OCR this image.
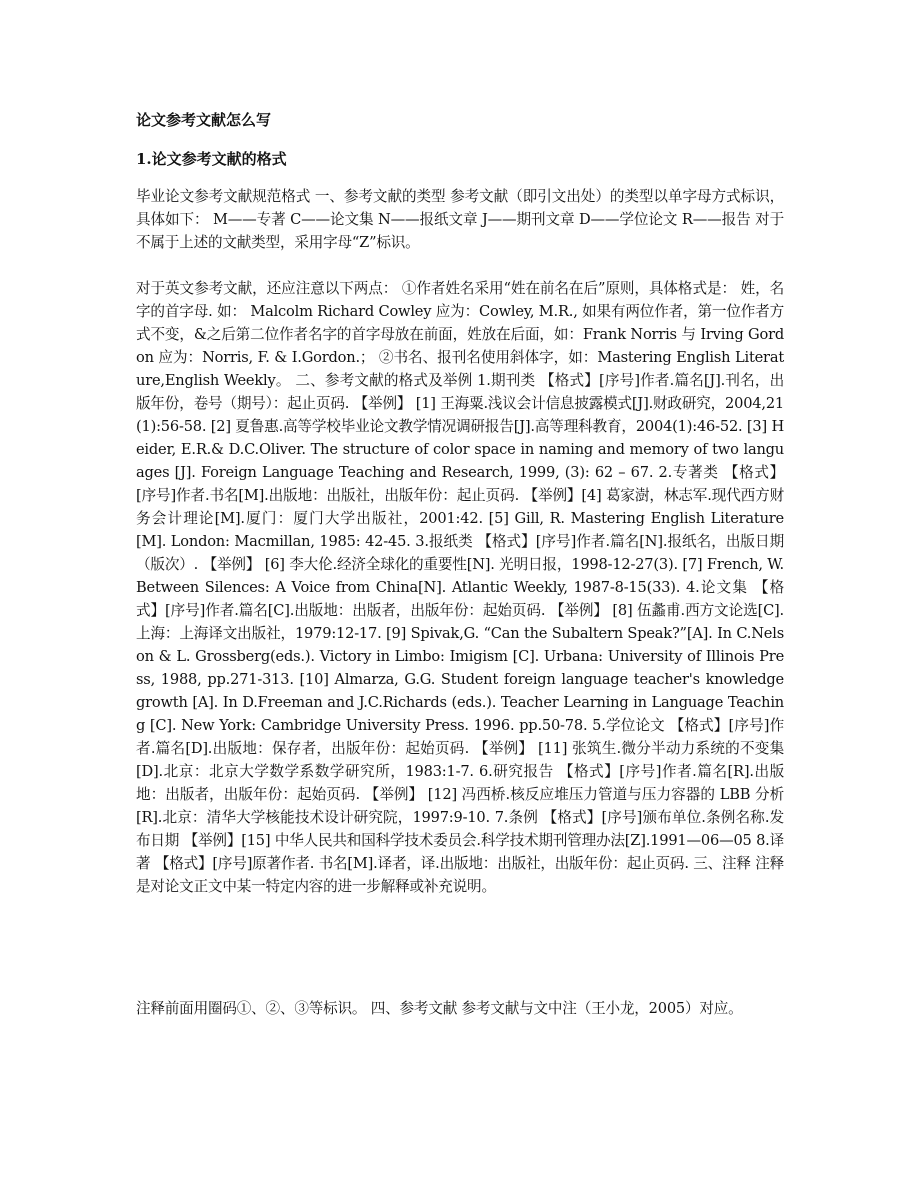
论文参考文献怎么写
1.论文参考文献的格式

毕业论文参考文献规范格式 一、参考文献的类型 参考文献（即引文出处）的类型以单字母方式标识，具体如下： M——专著 C——论文集 N——报纸文章 J——期刊文章 D——学位论文 R——报告 对于不属于上述的文献类型，采用字母“Z”标识。

对于英文参考文献，还应注意以下两点： ①作者姓名采用“姓在前名在后”原则，具体格式是： 姓，名字的首字母. 如： Malcolm Richard Cowley 应为：Cowley, M.R., 如果有两位作者，第一位作者方式不变，&之后第二位作者名字的首字母放在前面，姓放在后面，如：Frank Norris 与 Irving Gordon 应为：Norris, F. & I.Gordon.； ②书名、报刊名使用斜体字，如：Mastering English Literature,English Weekly。 二、参考文献的格式及举例 1.期刊类 【格式】[序号]作者.篇名[J].刊名，出版年份，卷号（期号）：起止页码. 【举例】 [1] 王海粟.浅议会计信息披露模式[J].财政研究，2004,21(1):56-58. [2] 夏鲁惠.高等学校毕业论文教学情况调研报告[J].高等理科教育，2004(1):46-52. [3] Heider, E.R.& D.C.Oliver. The structure of color space in naming and memory of two languages [J]. Foreign Language Teaching and Research, 1999, (3): 62 – 67. 2.专著类 【格式】[序号]作者.书名[M].出版地：出版社，出版年份：起止页码. 【举例】[4] 葛家澍，林志军.现代西方财务会计理论[M].厦门：厦门大学出版社，2001:42. [5] Gill, R. Mastering English Literature [M]. London: Macmillan, 1985: 42-45. 3.报纸类 【格式】[序号]作者.篇名[N].报纸名，出版日期（版次）. 【举例】 [6] 李大伦.经济全球化的重要性[N]. 光明日报，1998-12-27(3). [7] French, W. Between Silences: A Voice from China[N]. Atlantic Weekly, 1987-8-15(33). 4.论文集 【格式】[序号]作者.篇名[C].出版地：出版者，出版年份：起始页码. 【举例】 [8] 伍蠡甫.西方文论选[C]. 上海：上海译文出版社，1979:12-17. [9] Spivak,G. “Can the Subaltern Speak?”[A]. In C.Nelson & L. Grossberg(eds.). Victory in Limbo: Imigism [C]. Urbana: University of Illinois Press, 1988, pp.271-313. [10] Almarza, G.G. Student foreign language teacher's knowledge growth [A]. In D.Freeman and J.C.Richards (eds.). Teacher Learning in Language Teaching [C]. New York: Cambridge University Press. 1996. pp.50-78. 5.学位论文 【格式】[序号]作者.篇名[D].出版地：保存者，出版年份：起始页码. 【举例】 [11] 张筑生.微分半动力系统的不变集[D].北京：北京大学数学系数学研究所，1983:1-7. 6.研究报告 【格式】[序号]作者.篇名[R].出版地：出版者，出版年份：起始页码. 【举例】 [12] 冯西桥.核反应堆压力管道与压力容器的 LBB 分析[R].北京：清华大学核能技术设计研究院，1997:9-10. 7.条例 【格式】[序号]颁布单位.条例名称.发布日期 【举例】[15] 中华人民共和国科学技术委员会.科学技术期刊管理办法[Z].1991—06—05 8.译著 【格式】[序号]原著作者. 书名[M].译者，译.出版地：出版社，出版年份：起止页码. 三、注释 注释是对论文正文中某一特定内容的进一步解释或补充说明。

注释前面用圈码①、②、③等标识。 四、参考文献 参考文献与文中注（王小龙，2005）对应。
